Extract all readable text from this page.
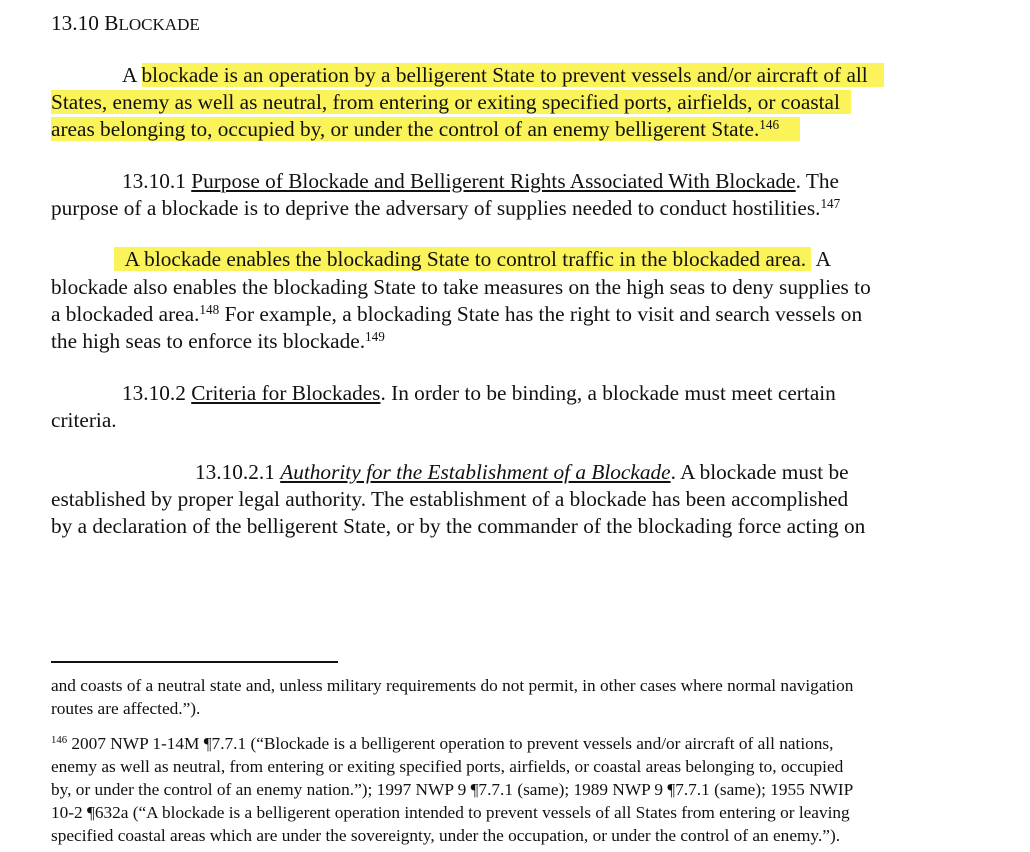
13.10 BLOCKADE
A blockade is an operation by a belligerent State to prevent vessels and/or aircraft of all
States, enemy as well as neutral, from entering or exiting specified ports, airfields, or coastal
areas belonging to, occupied by, or under the control of an enemy belligerent State.$^{146}$
13.10.1 Purpose of Blockade and Belligerent Rights Associated With Blockade. The
purpose of a blockade is to deprive the adversary of supplies needed to conduct hostilities.$^{147}$
A blockade enables the blockading State to control traffic in the blockaded area.  A
blockade also enables the blockading State to take measures on the high seas to deny supplies to
a blockaded area.$^{148}$ For example, a blockading State has the right to visit and search vessels on
the high seas to enforce its blockade.$^{149}$
13.10.2 Criteria for Blockades. In order to be binding, a blockade must meet certain
criteria.
13.10.2.1 Authority for the Establishment of a Blockade. A blockade must be
established by proper legal authority. The establishment of a blockade has been accomplished
by a declaration of the belligerent State, or by the commander of the blockading force acting on
and coasts of a neutral state and, unless military requirements do not permit, in other cases where normal navigation
routes are affected.”).
$^{146}$ 2007 NWP 1-14M ¶7.7.1 (“Blockade is a belligerent operation to prevent vessels and/or aircraft of all nations,
enemy as well as neutral, from entering or exiting specified ports, airfields, or coastal areas belonging to, occupied
by, or under the control of an enemy nation.”); 1997 NWP 9 ¶7.7.1 (same); 1989 NWP 9 ¶7.7.1 (same); 1955 NWIP
10-2 ¶632a (“A blockade is a belligerent operation intended to prevent vessels of all States from entering or leaving
specified coastal areas which are under the sovereignty, under the occupation, or under the control of an enemy.”).
